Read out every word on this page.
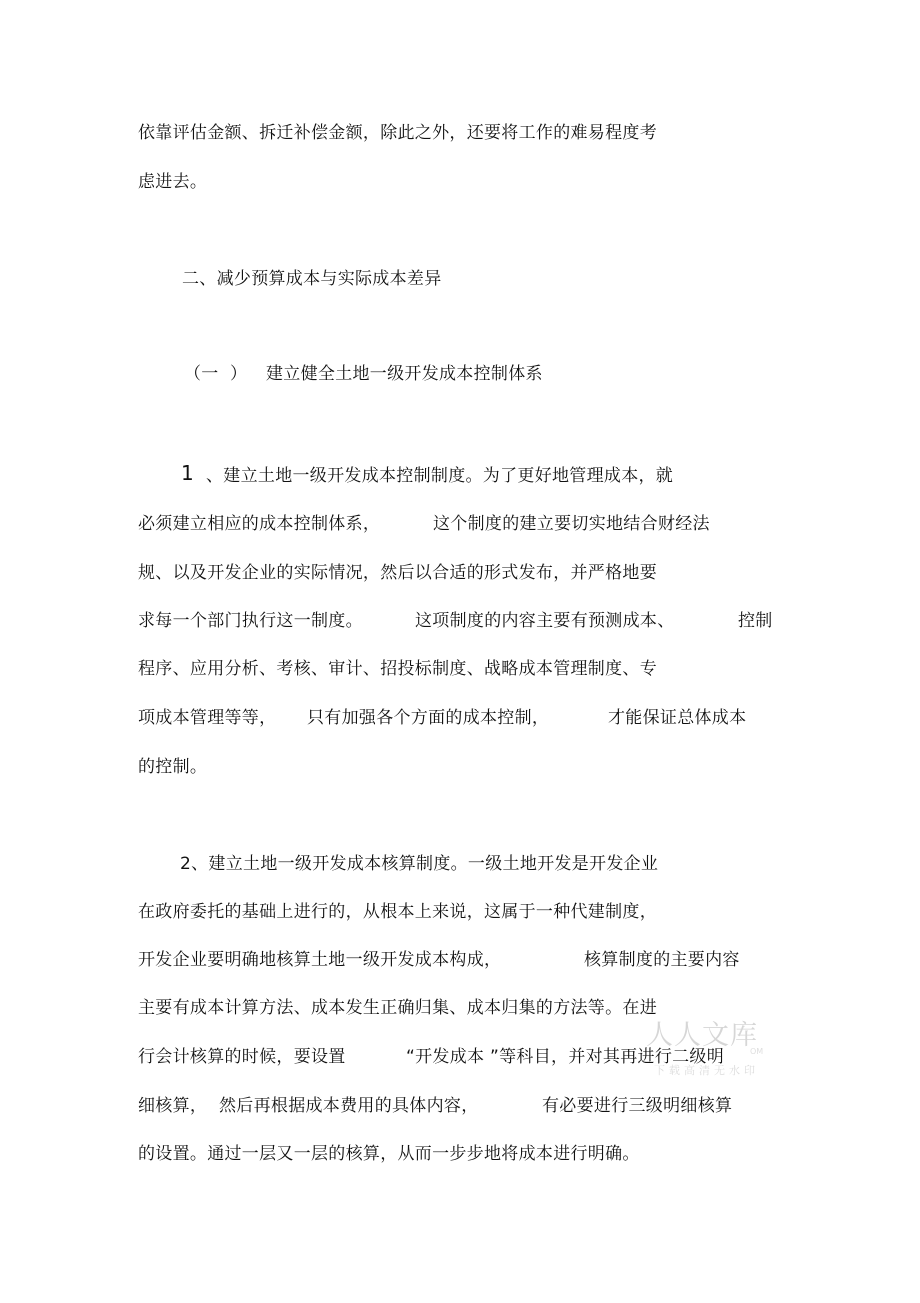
依靠评估金额、拆迁补偿金额，除此之外，还要将工作的难易程度考
虑进去。
二、减少预算成本与实际成本差异

（一  ）

建立健全土地一级开发成本控制体系

1

、建立土地一级开发成本控制制度。为了更好地管理成本，就

必须建立相应的成本控制体系，

	这个制度的建立要切实地结合财经法

规、以及开发企业的实际情况，然后以合适的形式发布，并严格地要

求每一个部门执行这一制度。

	这项制度的内容主要有预测成本、

	控制

程序、应用分析、考核、审计、招投标制度、战略成本管理制度、专

项成本管理等等，

只有加强各个方面的成本控制，

	才能保证总体成本

的控制。
2、建立土地一级开发成本核算制度。一级土地开发是开发企业
在政府委托的基础上进行的，从根本上来说，这属于一种代建制度，

开发企业要明确地核算土地一级开发成本构成，

	核算制度的主要内容

主要有成本计算方法、成本发生正确归集、成本归集的方法等。在进

行会计核算的时候，要设置

	“开发成本 ”等科目，并对其再进行二级明

细核算，

然后再根据成本费用的具体内容，

	有必要进行三级明细核算

的设置。通过一层又一层的核算，从而一步步地将成本进行明确。
人人文库
OM
下载高清无水印
